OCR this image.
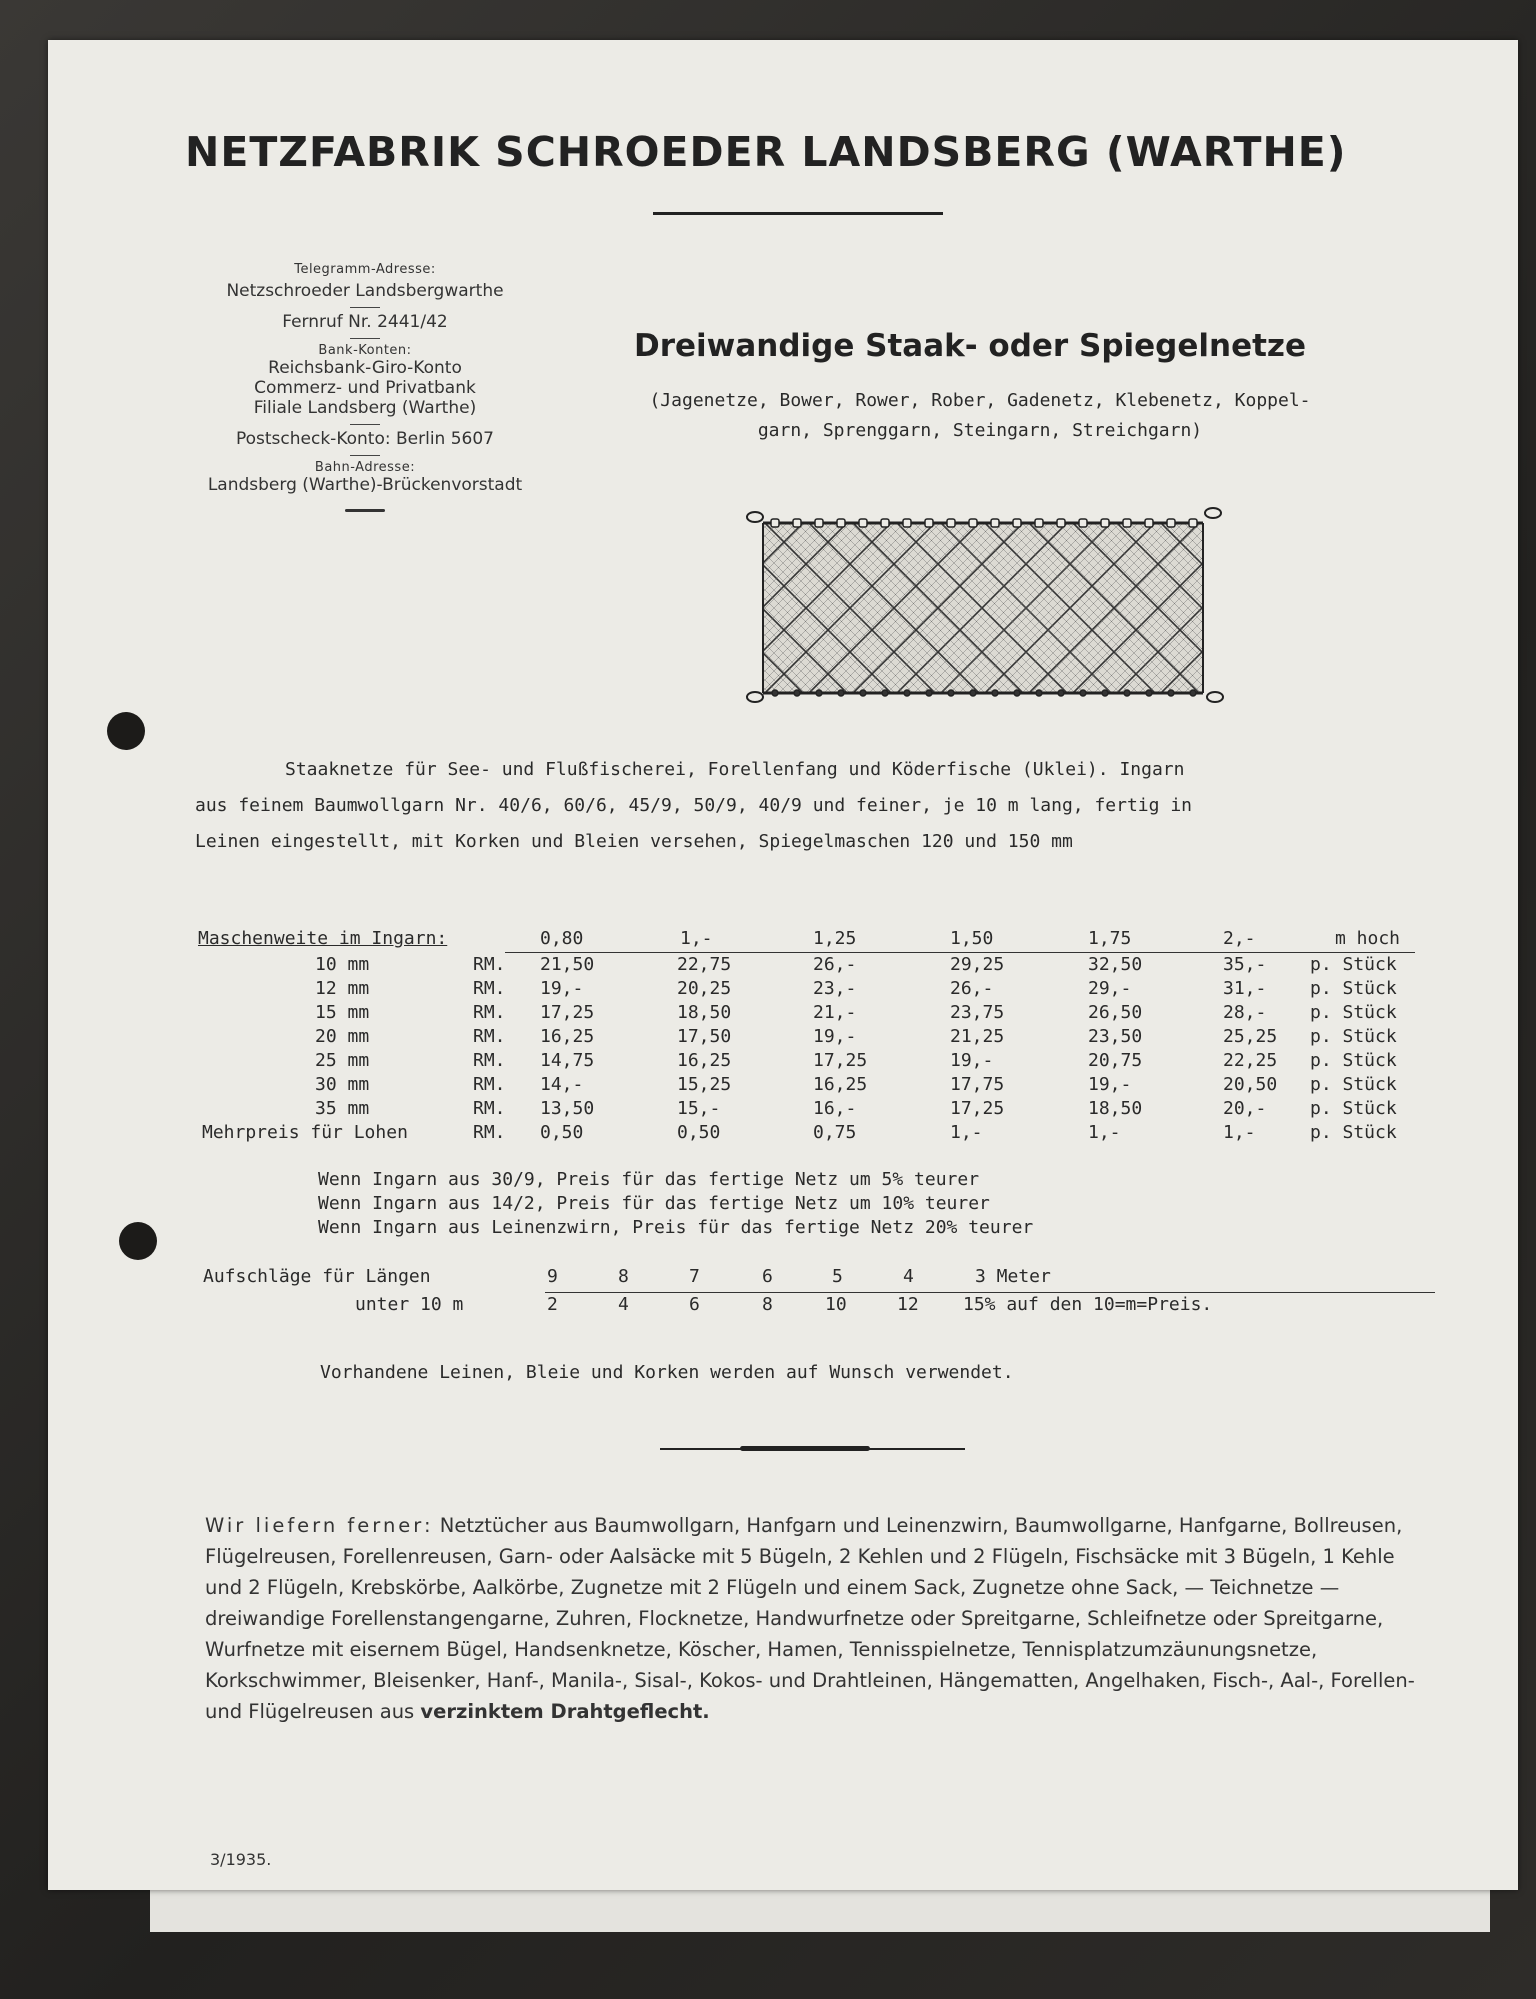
NETZFABRIK SCHROEDER LANDSBERG (WARTHE)
Telegramm-Adresse:
Netzschroeder Landsbergwarthe
Fernruf Nr. 2441/42
Bank-Konten:
Reichsbank-Giro-Konto
Commerz- und Privatbank
Filiale Landsberg (Warthe)
Postscheck-Konto: Berlin 5607
Bahn-Adresse:
Landsberg (Warthe)-Brückenvorstadt
Dreiwandige Staak- oder Spiegelnetze
(Jagenetze, Bower, Rower, Rober, Gadenetz, Klebenetz, Koppel-
garn, Sprenggarn, Steingarn, Streichgarn)

Staaknetze für See- und Flußfischerei, Forellenfang und Köderfische (Uklei). Ingarn

aus feinem Baumwollgarn Nr. 40/6, 60/6, 45/9, 50/9, 40/9 und feiner, je 10 m lang, fertig in

Leinen eingestellt, mit Korken und Bleien versehen, Spiegelmaschen 120 und 150 mm

Maschenweite im Ingarn:	0,80	1,-	1,25	1,50	1,75	2,-	m hoch
10 mm	RM. 21,50	22,75	26,-	29,25	32,50	35,- p. Stück
12 mm	RM. 19,-	20,25	23,-	26,-	29,-	31,- p. Stück
15 mm	RM. 17,25	18,50	21,-	23,75	26,50	28,- p. Stück
20 mm	RM. 16,25	17,50	19,-	21,25	23,50	25,25 p. Stück
25 mm	RM. 14,75	16,25	17,25	19,-	20,75	22,25 p. Stück
30 mm	RM. 14,-	15,25	16,25	17,75	19,-	20,50 p. Stück
35 mm	RM. 13,50	15,-	16,-	17,25	18,50	20,- p. Stück
Mehrpreis für Lohen	RM. 0,50	0,50	0,75	1,-	1,-	1,-	p. Stück
Wenn Ingarn aus 30/9, Preis für das fertige Netz um 5% teurer
Wenn Ingarn aus 14/2, Preis für das fertige Netz um 10% teurer
Wenn Ingarn aus Leinenzwirn, Preis für das fertige Netz 20% teurer
Aufschläge für Längen	9	8	7	6	5	4	3 Meter
unter 10 m	2	4	6	8	10	12 15% auf den 10=m=Preis.
Vorhandene Leinen, Bleie und Korken werden auf Wunsch verwendet.
Wir liefern ferner: Netztücher aus Baumwollgarn, Hanfgarn und Leinenzwirn, Baumwollgarne, Hanfgarne, Bollreusen, Flügelreusen, Forellenreusen, Garn- oder Aalsäcke mit 5 Bügeln, 2 Kehlen und 2 Flügeln, Fischsäcke mit 3 Bügeln, 1 Kehle und 2 Flügeln, Krebskörbe, Aalkörbe, Zugnetze mit 2 Flügeln und einem Sack, Zugnetze ohne Sack, — Teichnetze — dreiwandige Forellenstangengarne, Zuhren, Flocknetze, Handwurfnetze oder Spreitgarne, Schleifnetze oder Spreitgarne, Wurfnetze mit eisernem Bügel, Handsenknetze, Köscher, Hamen, Tennisspielnetze, Tennisplatzumzäunungsnetze, Korkschwimmer, Bleisenker, Hanf-, Manila-, Sisal-, Kokos- und Drahtleinen, Hängematten, Angelhaken, Fisch-, Aal-, Forellen- und Flügelreusen aus verzinktem Drahtgeflecht.
3/1935.
